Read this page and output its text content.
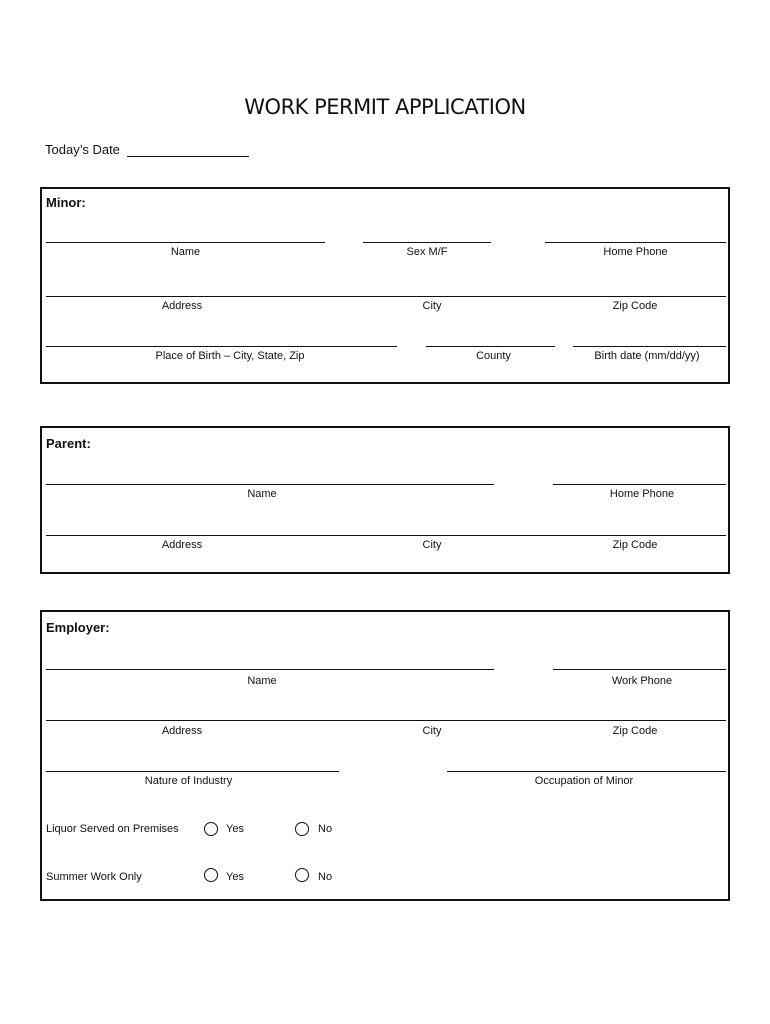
WORK PERMIT APPLICATION
Today’s Date
Minor:
Name	Sex M/F	Home Phone
Address	City	Zip Code
Place of Birth – City, State, Zip	County	Birth date (mm/dd/yy)
Parent:
Name	Home Phone
Address	City	Zip Code
Employer:
Name	Work Phone
Address	City	Zip Code
Nature of Industry	Occupation of Minor
Liquor Served on Premises	Yes	No
Summer Work Only	Yes	No
